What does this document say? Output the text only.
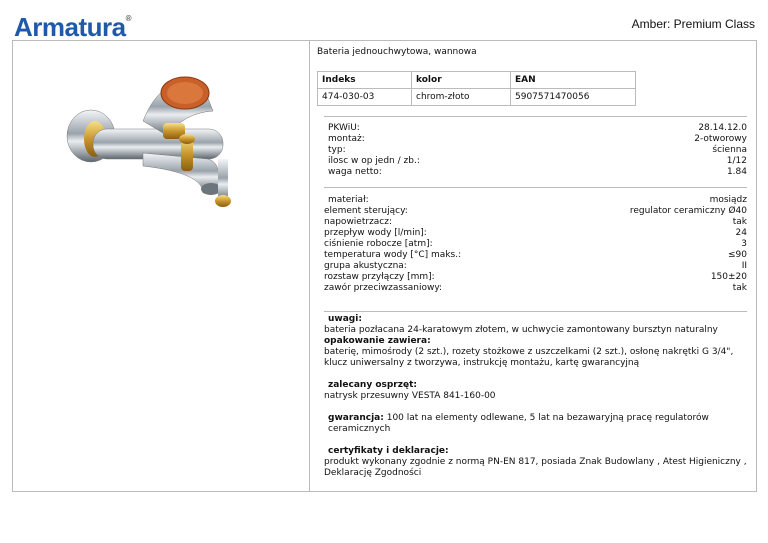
Armatura®	Amber: Premium Class
Bateria jednouchwytowa, wannowa
Indeks	kolor	EAN
474-030-03	chrom-złoto	5907571470056
PKWiU:	28.14.12.0
montaż:	2-otworowy
typ:	ścienna
ilosc w op jedn / zb.:	1/12
waga netto:	1.84
materiał:	mosiądz
element sterujący:	regulator ceramiczny Ø40
napowietrzacz:	tak
przepływ wody [l/min]:	24
ciśnienie robocze [atm]:	3
temperatura wody [°C] maks.:	≤90
grupa akustyczna:	II
rozstaw przyłączy [mm]:	150±20
zawór przeciwzassaniowy:	tak

uwagi:

bateria pozłacana 24-karatowym złotem, w uchwycie zamontowany bursztyn naturalny

opakowanie zawiera:

baterię, mimośrody (2 szt.), rozety stożkowe z uszczelkami (2 szt.), osłonę nakrętki G 3/4", klucz uniwersalny z tworzywa, instrukcję montażu, kartę gwarancyjną

zalecany osprzęt:

natrysk przesuwny VESTA 841-160-00

gwarancja: 100 lat na elementy odlewane, 5 lat na bezawaryjną pracę regulatorów ceramicznych

certyfikaty i deklaracje:

produkt wykonany zgodnie z normą PN-EN 817, posiada Znak Budowlany , Atest Higieniczny , Deklarację Zgodności
